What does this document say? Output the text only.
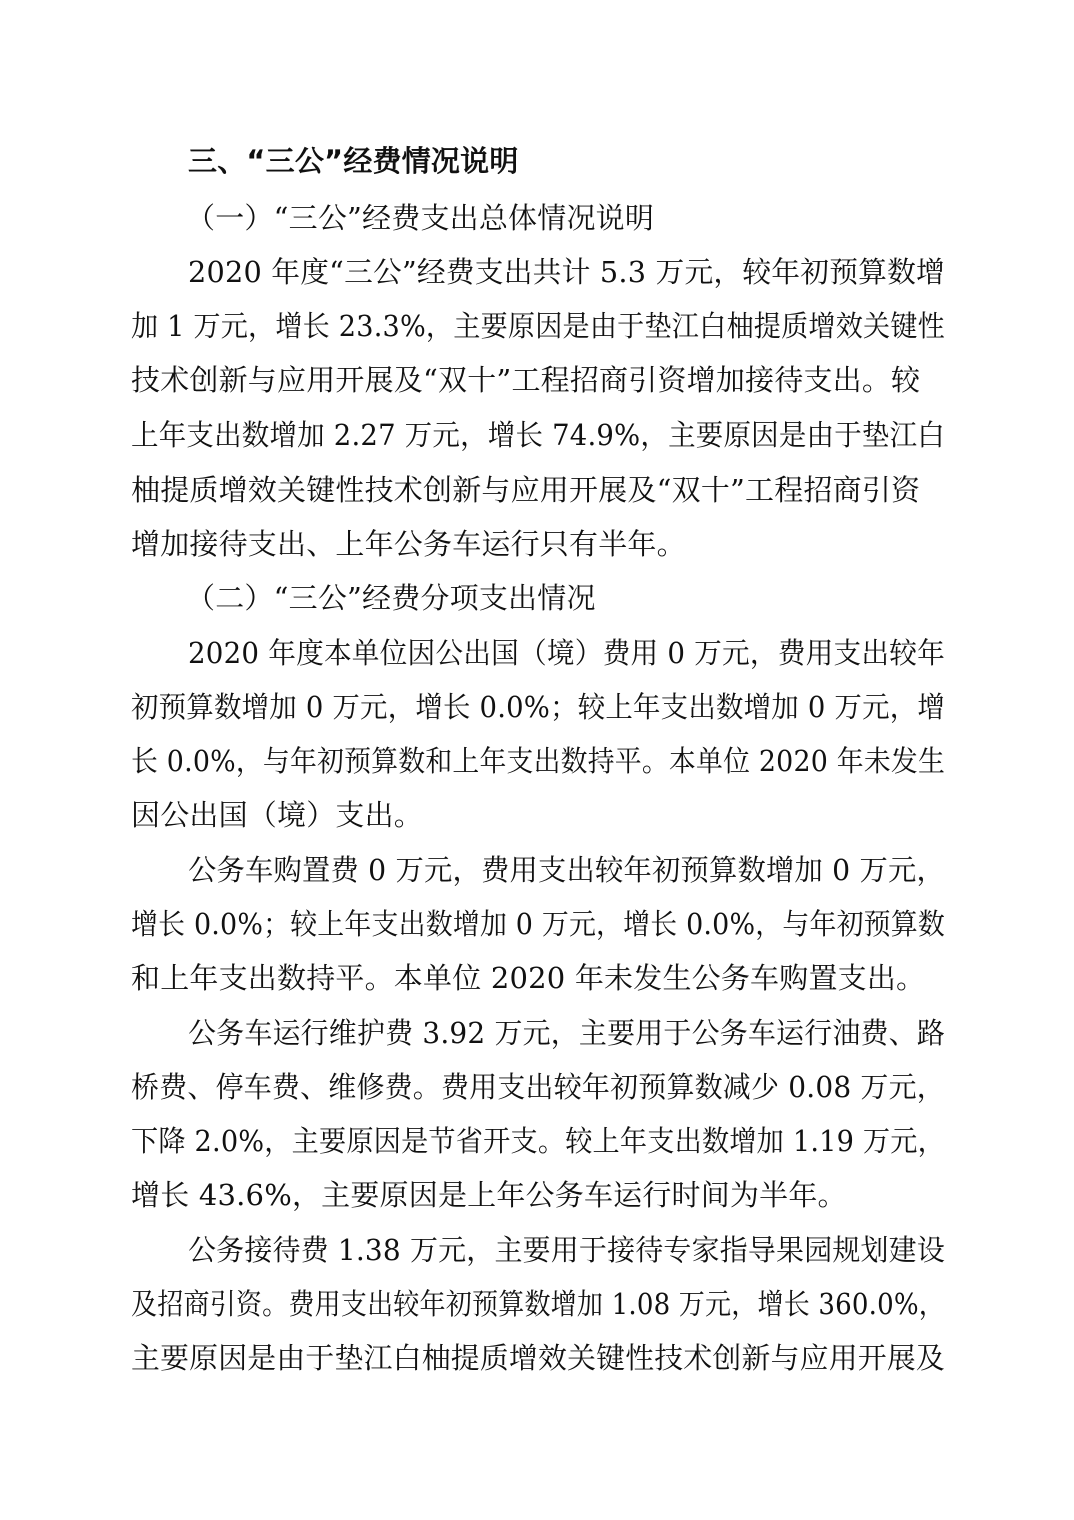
三、“三公”经费情况说明
（一）“三公”经费支出总体情况说明
2020 年度“三公”经费支出共计 5.3 万元，较年初预算数增
加 1 万元，增长 23.3%，主要原因是由于垫江白柚提质增效关键性
技术创新与应用开展及“双十”工程招商引资增加接待支出。较
上年支出数增加 2.27 万元，增长 74.9%，主要原因是由于垫江白
柚提质增效关键性技术创新与应用开展及“双十”工程招商引资
增加接待支出、上年公务车运行只有半年。
（二）“三公”经费分项支出情况
2020 年度本单位因公出国（境）费用 0 万元，费用支出较年
初预算数增加 0 万元，增长 0.0%；较上年支出数增加 0 万元，增
长 0.0%，与年初预算数和上年支出数持平。本单位 2020 年未发生
因公出国（境）支出。
公务车购置费 0 万元，费用支出较年初预算数增加 0 万元，
增长 0.0%；较上年支出数增加 0 万元，增长 0.0%，与年初预算数
和上年支出数持平。本单位 2020 年未发生公务车购置支出。
公务车运行维护费 3.92 万元，主要用于公务车运行油费、路
桥费、停车费、维修费。费用支出较年初预算数减少 0.08 万元，
下降 2.0%，主要原因是节省开支。较上年支出数增加 1.19 万元，
增长 43.6%，主要原因是上年公务车运行时间为半年。
公务接待费 1.38 万元，主要用于接待专家指导果园规划建设
及招商引资。费用支出较年初预算数增加 1.08 万元，增长 360.0%，
主要原因是由于垫江白柚提质增效关键性技术创新与应用开展及
